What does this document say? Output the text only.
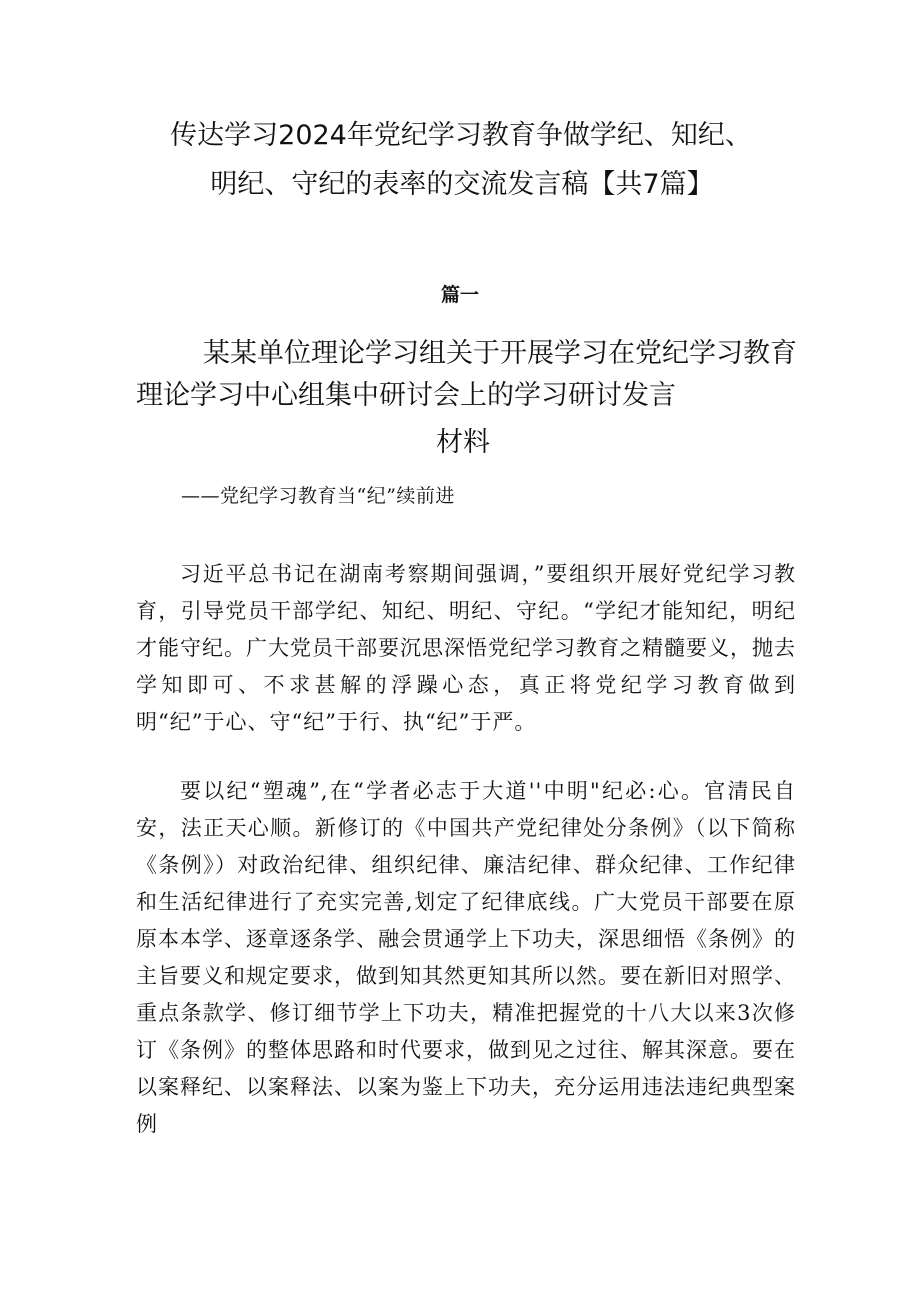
传达学习2024年党纪学习教育争做学纪、知纪、
明纪、守纪的表率的交流发言稿【共7篇】
篇一
某某单位理论学习组关于开展学习在党纪学习教育
理论学习中心组集中研讨会上的学习研讨发言
材料
——党纪学习教育当“纪”续前进

习近平总书记在湖南考察期间强调，”要组织开展好党纪学习教育，引导党员干部学纪、知纪、明纪、守纪。“学纪才能知纪，明纪才能守纪。广大党员干部要沉思深悟党纪学习教育之精髓要义，抛去学知即可、不求甚解的浮躁心态，真正将党纪学习教育做到明“纪”于心、守“纪”于行、执“纪”于严。

要以纪“塑魂”,在“学者必志于大道''中明"纪必:心。官清民自安，法正天心顺。新修订的《中国共产党纪律处分条例》（以下简称《条例》）对政治纪律、组织纪律、廉洁纪律、群众纪律、工作纪律和生活纪律进行了充实完善,划定了纪律底线。广大党员干部要在原原本本学、逐章逐条学、融会贯通学上下功夫，深思细悟《条例》的主旨要义和规定要求，做到知其然更知其所以然。要在新旧对照学、重点条款学、修订细节学上下功夫，精准把握党的十八大以来3次修订《条例》的整体思路和时代要求，做到见之过往、解其深意。要在以案释纪、以案释法、以案为鉴上下功夫，充分运用违法违纪典型案例
